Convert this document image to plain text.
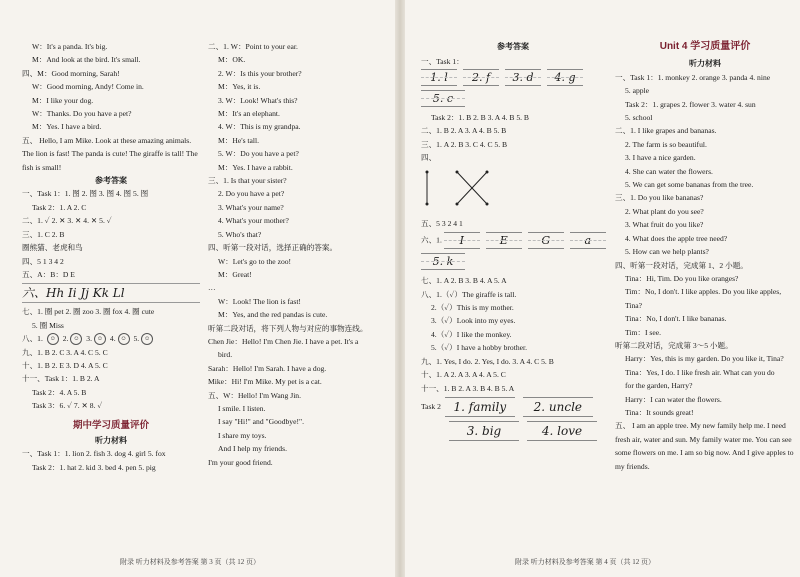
W：It's a panda. It's big.
M：And look at the bird. It's small.
四、M：Good morning, Sarah!
W：Good morning, Andy! Come in.
M：I like your dog.
W：Thanks. Do you have a pet?
M：Yes. I have a bird.
五、 Hello, I am Mike. Look at these amazing animals. The lion is fast! The panda is cute! The giraffe is tall! The fish is small!
参考答案
一、Task 1：1. 图 2. 图 3. 图 4. 图 5. 图
Task 2：1. A 2. C
二、1. ✓ 2. ✕ 3. ✕ 4. ✕ 5. ✓
三、1. C 2. B
圈熊猫、老虎和鸟
四、5 1 3 4 2
五、A：B：D E
六、Hh Ii Jj Kk Ll
七、1. 圈 pet 2. 圈 zoo 3. 圈 fox 4. 圈 cute
5. 圈 Miss
八、1. ☺ 2. ☺ 3. ☺ 4. ☺ 5. ☺
九、1. B 2. C 3. A 4. C 5. C
十、1. B 2. E 3. D 4. A 5. C
十一、Task 1：1. B 2. A
Task 2：4. A 5. B
Task 3：6. ✓ 7. ✕ 8. ✓
期中学习质量评价
听力材料
一、Task 1：1. lion 2. fish 3. dog 4. girl 5. fox
Task 2：1. hat 2. kid 3. bed 4. pen 5. pig
二、1. W：Point to your ear.
M：OK.
2. W：Is this your brother?
M：Yes, it is.
3. W：Look! What's this?
M：It's an elephant.
4. W：This is my grandpa.
M：He's tall.
5. W：Do you have a pet?
M：Yes. I have a rabbit.
三、1. Is that your sister?
2. Do you have a pet?
3. What's your name?
4. What's your mother?
5. Who's that?
四、听第一段对话，选择正确的答案。
W：Let's go to the zoo!
M：Great!
…
W：Look! The lion is fast!
M：Yes, and the red pandas is cute.
听第二段对话，将下列人物与对应的事物连线。
Chen Jie：Hello! I'm Chen Jie. I have a pet. It's a
bird.
Sarah：Hello! I'm Sarah. I have a dog.
Mike：Hi! I'm Mike. My pet is a cat.
五、W：Hello! I'm Wang Jin.
I smile. I listen.
I say "Hi!" and "Goodbye!".
I share my toys.
And I help my friends.
I'm your good friend.
附录 听力材料及参考答案 第 3 页（共 12 页）
参考答案
一、Task 1：
1. l 2. f 3. d 4. g
5. c
Task 2：1. B 2. B 3. A 4. B 5. B
二、1. B 2. A 3. A 4. B 5. B
三、1. A 2. B 3. C 4. C 5. B
四、
五、5 3 2 4 1
六、1. I	E	G	a
5. k
七、1. A 2. B 3. B 4. A 5. A
八、1.（✓）The giraffe is tall.
2.（✓）This is my mother.
3.（✓）Look into my eyes.
4.（✓）I like the monkey.
5.（✓）I have a hobby brother.
九、1. Yes, I do. 2. Yes, I do. 3. A 4. C 5. B
十、1. A 2. A 3. A 4. A 5. C
十一、1. B 2. A 3. B 4. B 5. A
Task 2 1. family 2. uncle
3. big	4. love
Unit 4 学习质量评价
听力材料
一、Task 1：1. monkey 2. orange 3. panda 4. nine
5. apple
Task 2：1. grapes 2. flower 3. water 4. sun
5. school
二、1. I like grapes and bananas.
2. The farm is so beautiful.
3. I have a nice garden.
4. She can water the flowers.
5. We can get some bananas from the tree.
三、1. Do you like bananas?
2. What plant do you see?
3. What fruit do you like?
4. What does the apple tree need?
5. How can we help plants?
四、听第一段对话，完成第 1、2 小题。
Tina：Hi, Tim. Do you like oranges?
Tim：No, I don't. I like apples. Do you like apples,
Tina?
Tina：No, I don't. I like bananas.
Tim：I see.
听第二段对话，完成第 3～5 小题。
Harry：Yes, this is my garden. Do you like it, Tina?
Tina：Yes, I do. I like fresh air. What can you do
for the garden, Harry?
Harry：I can water the flowers.
Tina：It sounds great!
五、 I am an apple tree. My new family help me. I need fresh air, water and sun. My family water me. You can see some flowers on me. I am so big now. And I give apples to my friends.
附录 听力材料及参考答案 第 4 页（共 12 页）
